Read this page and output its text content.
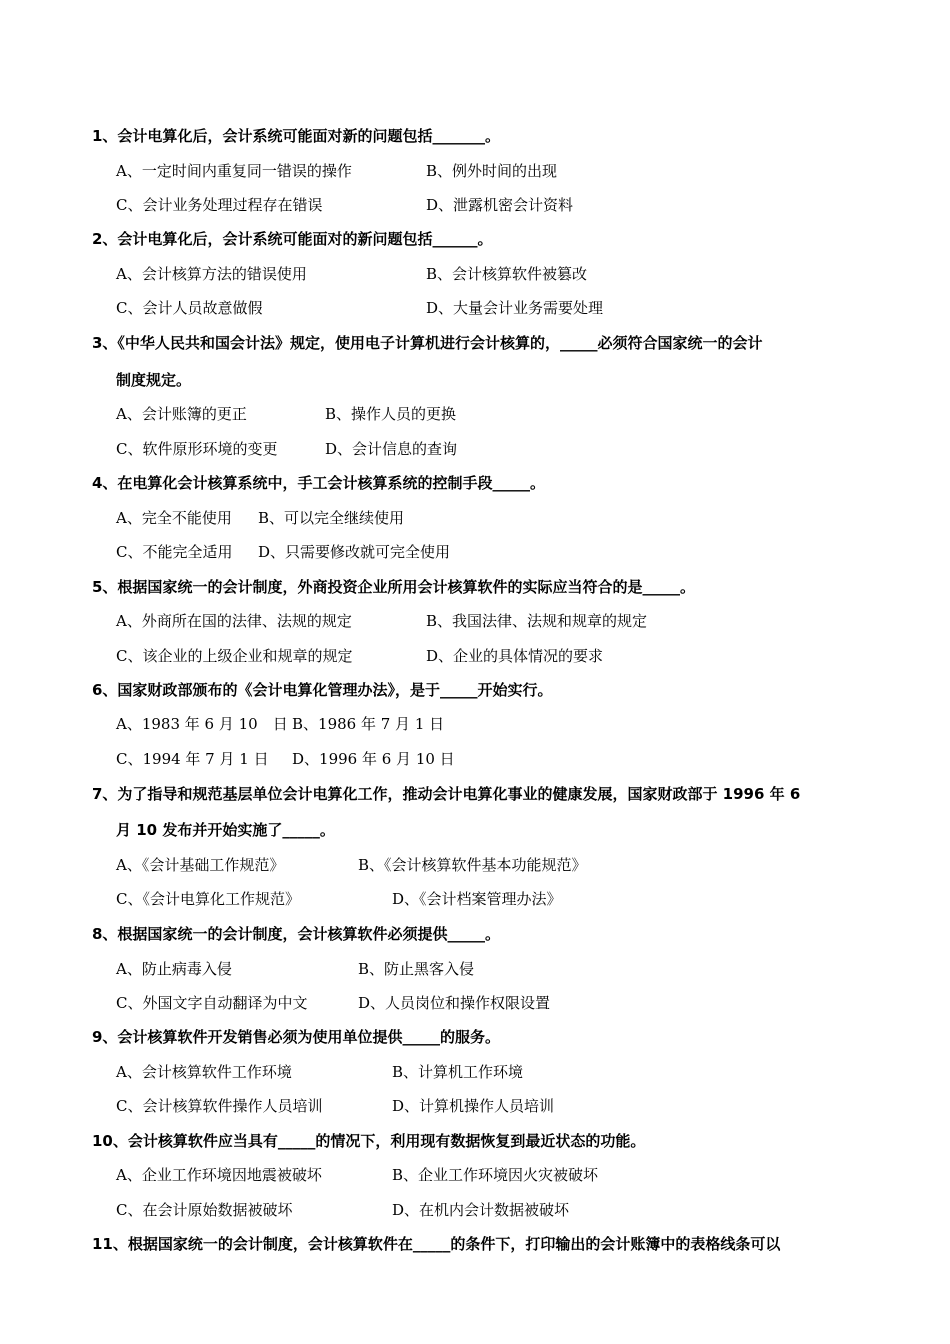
1、会计电算化后，会计系统可能面对新的问题包括_______。
A、一定时间内重复同一错误的操作	B、例外时间的出现
C、会计业务处理过程存在错误	D、泄露机密会计资料
2、会计电算化后，会计系统可能面对的新问题包括______。
A、会计核算方法的错误使用	B、会计核算软件被篡改
C、会计人员故意做假	D、大量会计业务需要处理
3、《中华人民共和国会计法》规定，使用电子计算机进行会计核算的，_____必须符合国家统一的会计
制度规定。
A、会计账簿的更正	B、操作人员的更换
C、软件原形环境的变更	D、会计信息的查询
4、在电算化会计核算系统中，手工会计核算系统的控制手段_____。
A、完全不能使用 B、可以完全继续使用
C、不能完全适用 D、只需要修改就可完全使用
5、根据国家统一的会计制度，外商投资企业所用会计核算软件的实际应当符合的是_____。
A、外商所在国的法律、法规的规定	B、我国法律、法规和规章的规定
C、该企业的上级企业和规章的规定	D、企业的具体情况的要求
6、国家财政部颁布的《会计电算化管理办法》，是于_____开始实行。
A、1983 年 6 月 10　日 B、1986 年 7 月 1 日
C、1994 年 7 月 1 日 D、1996 年 6 月 10 日
7、为了指导和规范基层单位会计电算化工作，推动会计电算化事业的健康发展，国家财政部于 1996 年 6
月 10 发布并开始实施了_____。
A、《会计基础工作规范》	B、《会计核算软件基本功能规范》
C、《会计电算化工作规范》	D、《会计档案管理办法》
8、根据国家统一的会计制度，会计核算软件必须提供_____。
A、防止病毒入侵	B、防止黑客入侵
C、外国文字自动翻译为中文	D、人员岗位和操作权限设置
9、会计核算软件开发销售必须为使用单位提供_____的服务。
A、会计核算软件工作环境	B、计算机工作环境
C、会计核算软件操作人员培训	D、计算机操作人员培训
10、会计核算软件应当具有_____的情况下，利用现有数据恢复到最近状态的功能。
A、企业工作环境因地震被破坏	B、企业工作环境因火灾被破坏
C、在会计原始数据被破坏	D、在机内会计数据被破坏
11、根据国家统一的会计制度，会计核算软件在_____的条件下，打印输出的会计账簿中的表格线条可以
